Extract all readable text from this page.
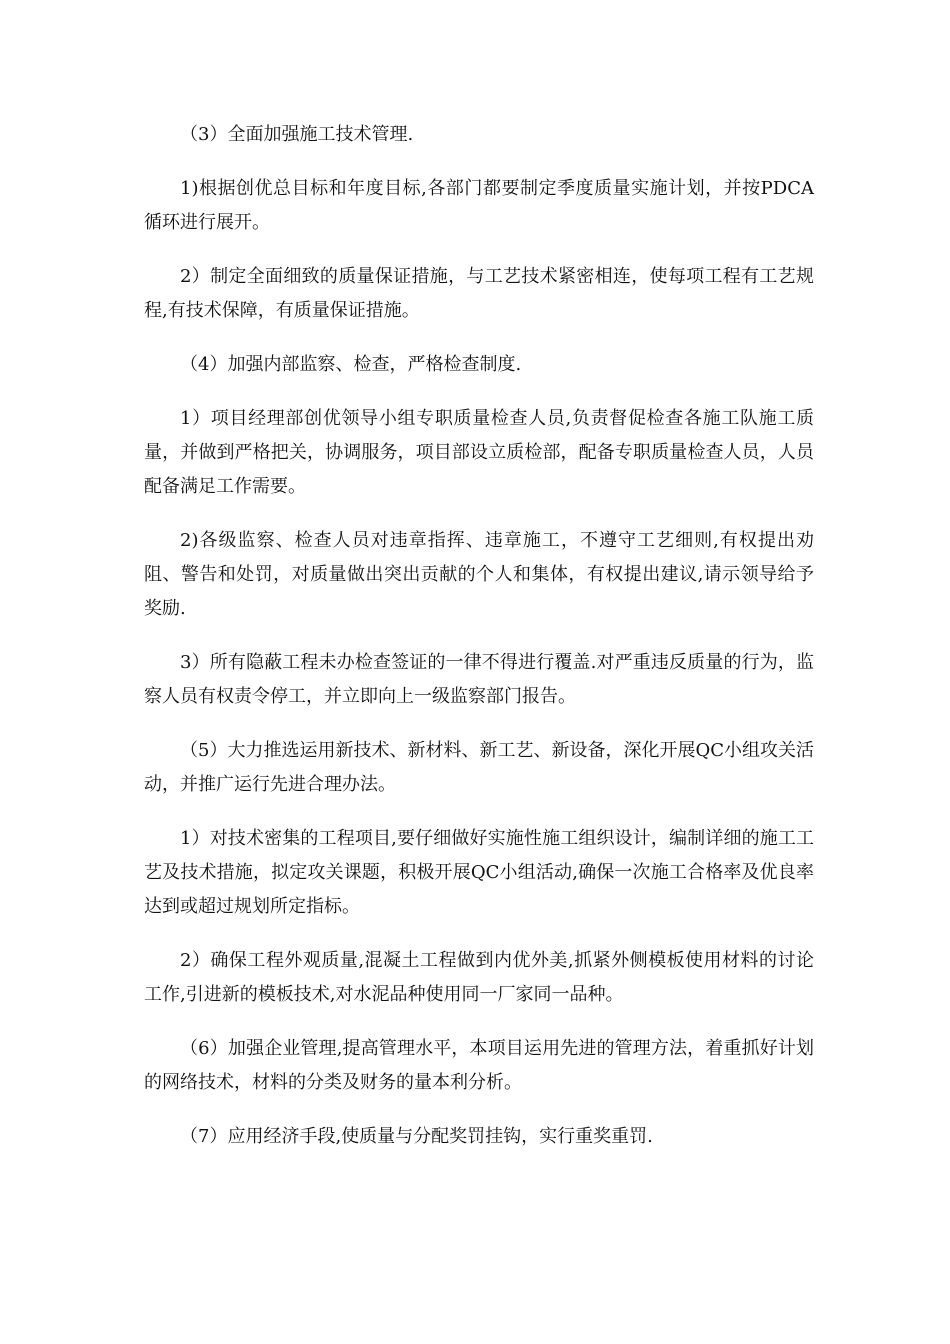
（3）全面加强施工技术管理.

1)根据创优总目标和年度目标,各部门都要制定季度质量实施计划，并按PDCA循环进行展开。

2）制定全面细致的质量保证措施，与工艺技术紧密相连，使每项工程有工艺规程,有技术保障，有质量保证措施。

（4）加强内部监察、检查，严格检查制度.

1）项目经理部创优领导小组专职质量检查人员,负责督促检查各施工队施工质量，并做到严格把关，协调服务，项目部设立质检部，配备专职质量检查人员，人员配备满足工作需要。

2)各级监察、检查人员对违章指挥、违章施工，不遵守工艺细则,有权提出劝阻、警告和处罚，对质量做出突出贡献的个人和集体，有权提出建议,请示领导给予奖励.

3）所有隐蔽工程未办检查签证的一律不得进行覆盖.对严重违反质量的行为，监察人员有权责令停工，并立即向上一级监察部门报告。

（5）大力推选运用新技术、新材料、新工艺、新设备，深化开展QC小组攻关活动，并推广运行先进合理办法。

1）对技术密集的工程项目,要仔细做好实施性施工组织设计，编制详细的施工工艺及技术措施，拟定攻关课题，积极开展QC小组活动,确保一次施工合格率及优良率达到或超过规划所定指标。

2）确保工程外观质量,混凝土工程做到内优外美,抓紧外侧模板使用材料的讨论工作,引进新的模板技术,对水泥品种使用同一厂家同一品种。

（6）加强企业管理,提高管理水平，本项目运用先进的管理方法，着重抓好计划的网络技术，材料的分类及财务的量本利分析。

（7）应用经济手段,使质量与分配奖罚挂钩，实行重奖重罚.
